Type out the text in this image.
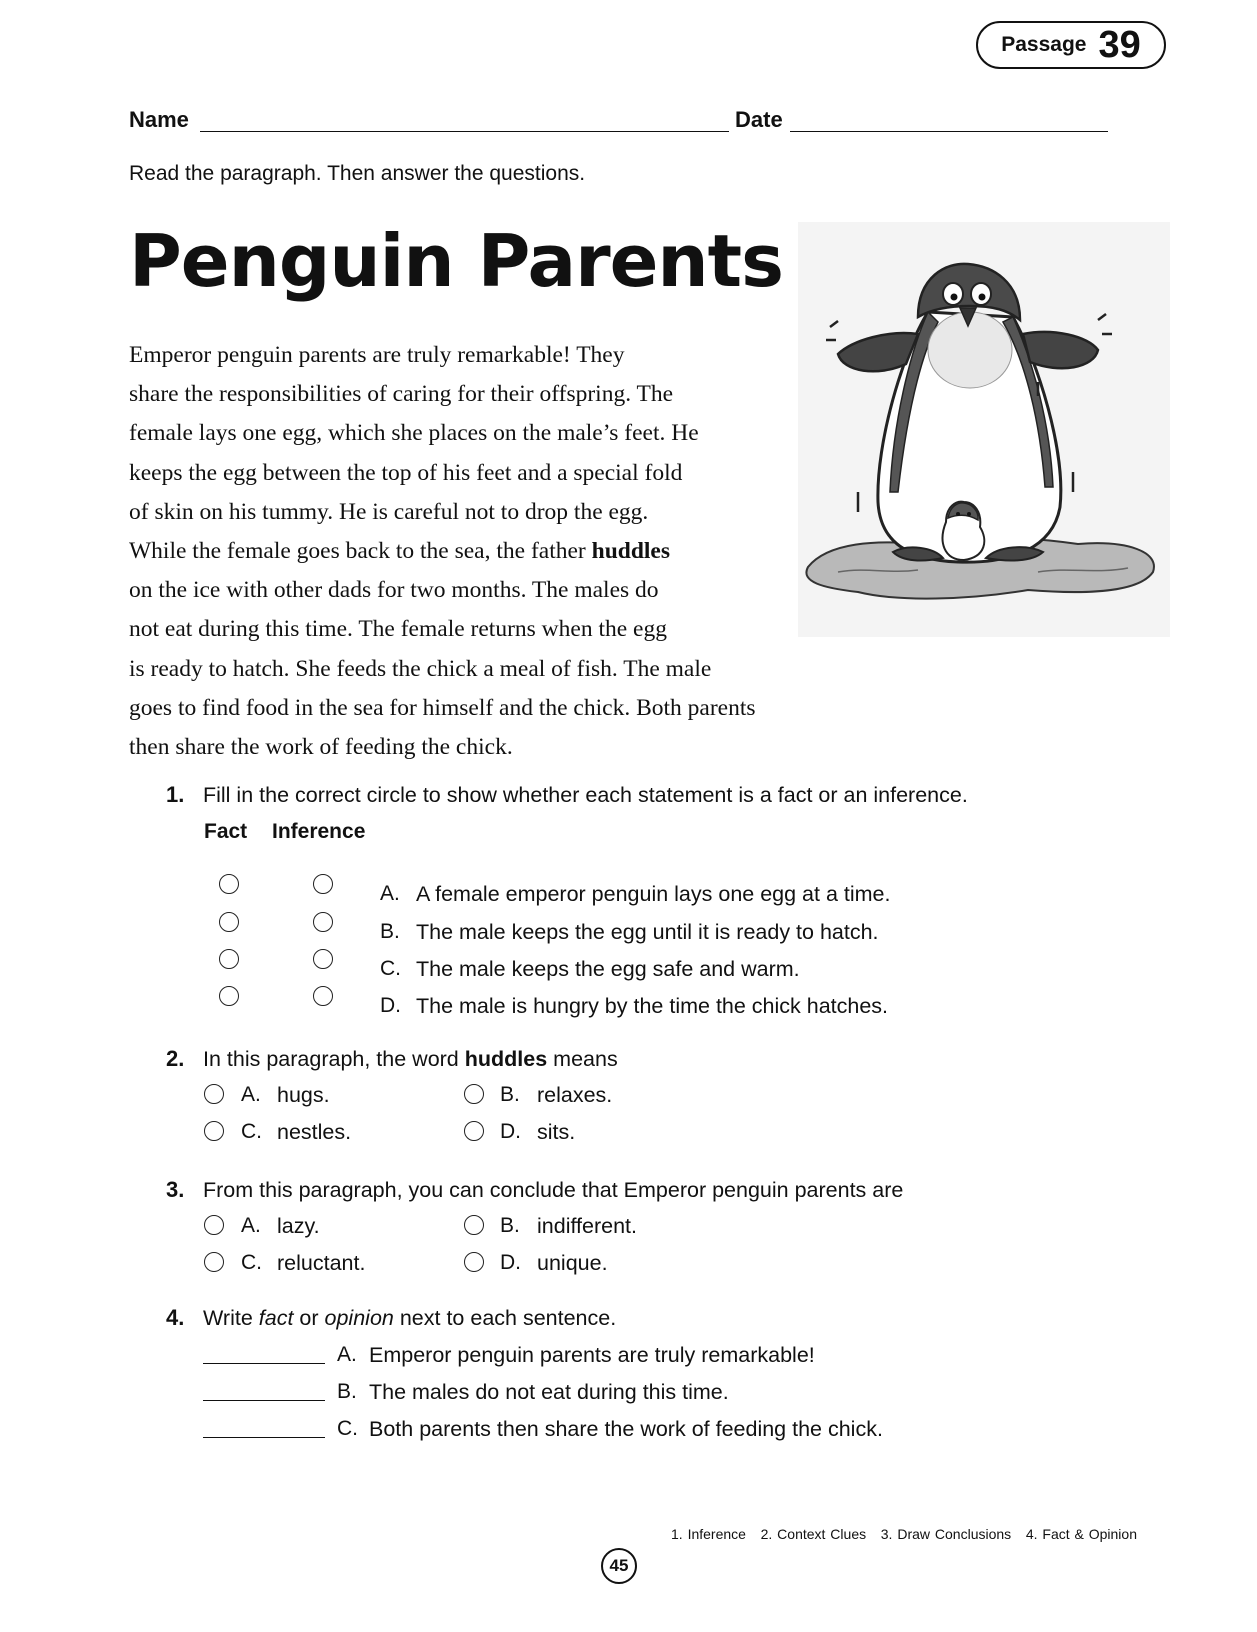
Passage 39
Name	Date
Read the paragraph. Then answer the questions.
Penguin Parents
Emperor penguin parents are truly remarkable! They
share the responsibilities of caring for their offspring. The
female lays one egg, which she places on the male’s feet. He
keeps the egg between the top of his feet and a special fold
of skin on his tummy. He is careful not to drop the egg.
While the female goes back to the sea, the father huddles
on the ice with other dads for two months. The males do
not eat during this time. The female returns when the egg
is ready to hatch. She feeds the chick a meal of fish. The male
goes to find food in the sea for himself and the chick. Both parents
then share the work of feeding the chick.
1. Fill in the correct circle to show whether each statement is a fact or an inference.
Fact Inference
A. A female emperor penguin lays one egg at a time.
B. The male keeps the egg until it is ready to hatch.
C. The male keeps the egg safe and warm.
D. The male is hungry by the time the chick hatches.
2. In this paragraph, the word huddles means
A. hugs.	B. relaxes.
C. nestles.	D. sits.
3. From this paragraph, you can conclude that Emperor penguin parents are
A. lazy.	B. indifferent.
C. reluctant.	D. unique.
4. Write fact or opinion next to each sentence.
A. Emperor penguin parents are truly remarkable!
B. The males do not eat during this time.
C. Both parents then share the work of feeding the chick.
45
1. Inference   2. Context Clues   3. Draw Conclusions   4. Fact & Opinion
